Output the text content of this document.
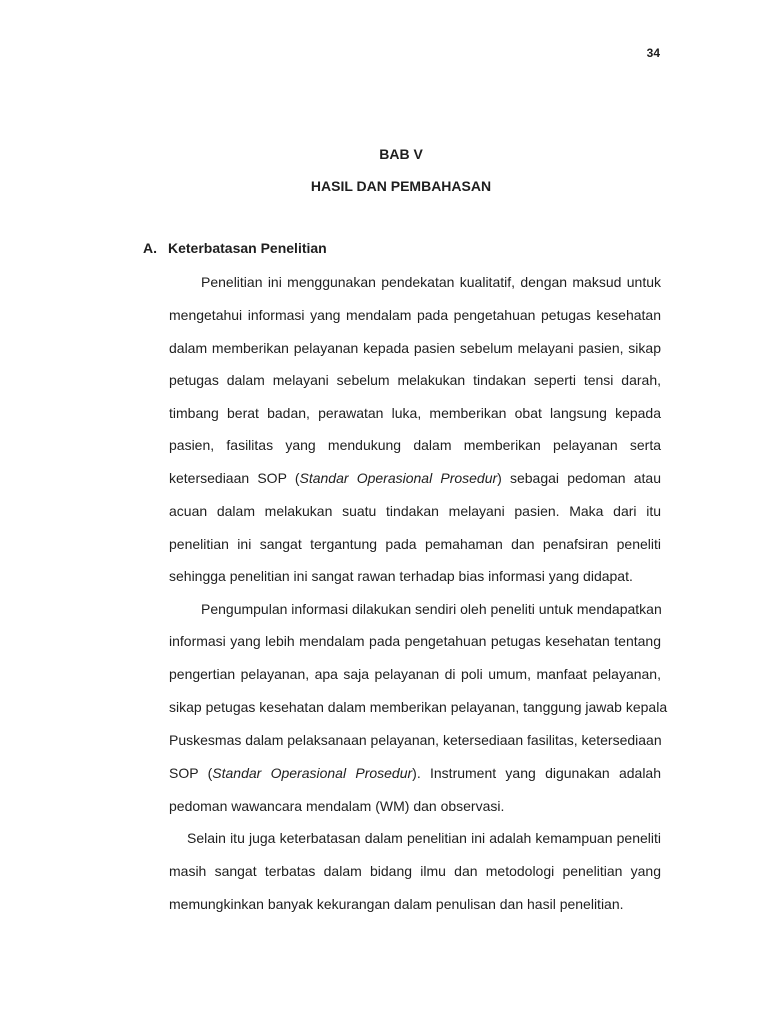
34
BAB V
HASIL DAN PEMBAHASAN
A. Keterbatasan Penelitian
Penelitian ini menggunakan pendekatan kualitatif, dengan maksud untuk
mengetahui informasi yang mendalam pada pengetahuan petugas kesehatan
dalam memberikan pelayanan kepada pasien sebelum melayani pasien, sikap
petugas dalam melayani sebelum melakukan tindakan seperti tensi darah,
timbang berat badan, perawatan luka, memberikan obat langsung kepada
pasien, fasilitas yang mendukung dalam memberikan pelayanan serta
ketersediaan SOP (Standar Operasional Prosedur) sebagai pedoman atau
acuan dalam melakukan suatu tindakan melayani pasien. Maka dari itu
penelitian ini sangat tergantung pada pemahaman dan penafsiran peneliti
sehingga penelitian ini sangat rawan terhadap bias informasi yang didapat.
Pengumpulan informasi dilakukan sendiri oleh peneliti untuk mendapatkan
informasi yang lebih mendalam pada pengetahuan petugas kesehatan tentang
pengertian pelayanan, apa saja pelayanan di poli umum, manfaat pelayanan,
sikap petugas kesehatan dalam memberikan pelayanan, tanggung jawab kepala
Puskesmas dalam pelaksanaan pelayanan, ketersediaan fasilitas, ketersediaan
SOP (Standar Operasional Prosedur). Instrument yang digunakan adalah
pedoman wawancara mendalam (WM) dan observasi.
Selain itu juga keterbatasan dalam penelitian ini adalah kemampuan peneliti
masih sangat terbatas dalam bidang ilmu dan metodologi penelitian yang
memungkinkan banyak kekurangan dalam penulisan dan hasil penelitian.
